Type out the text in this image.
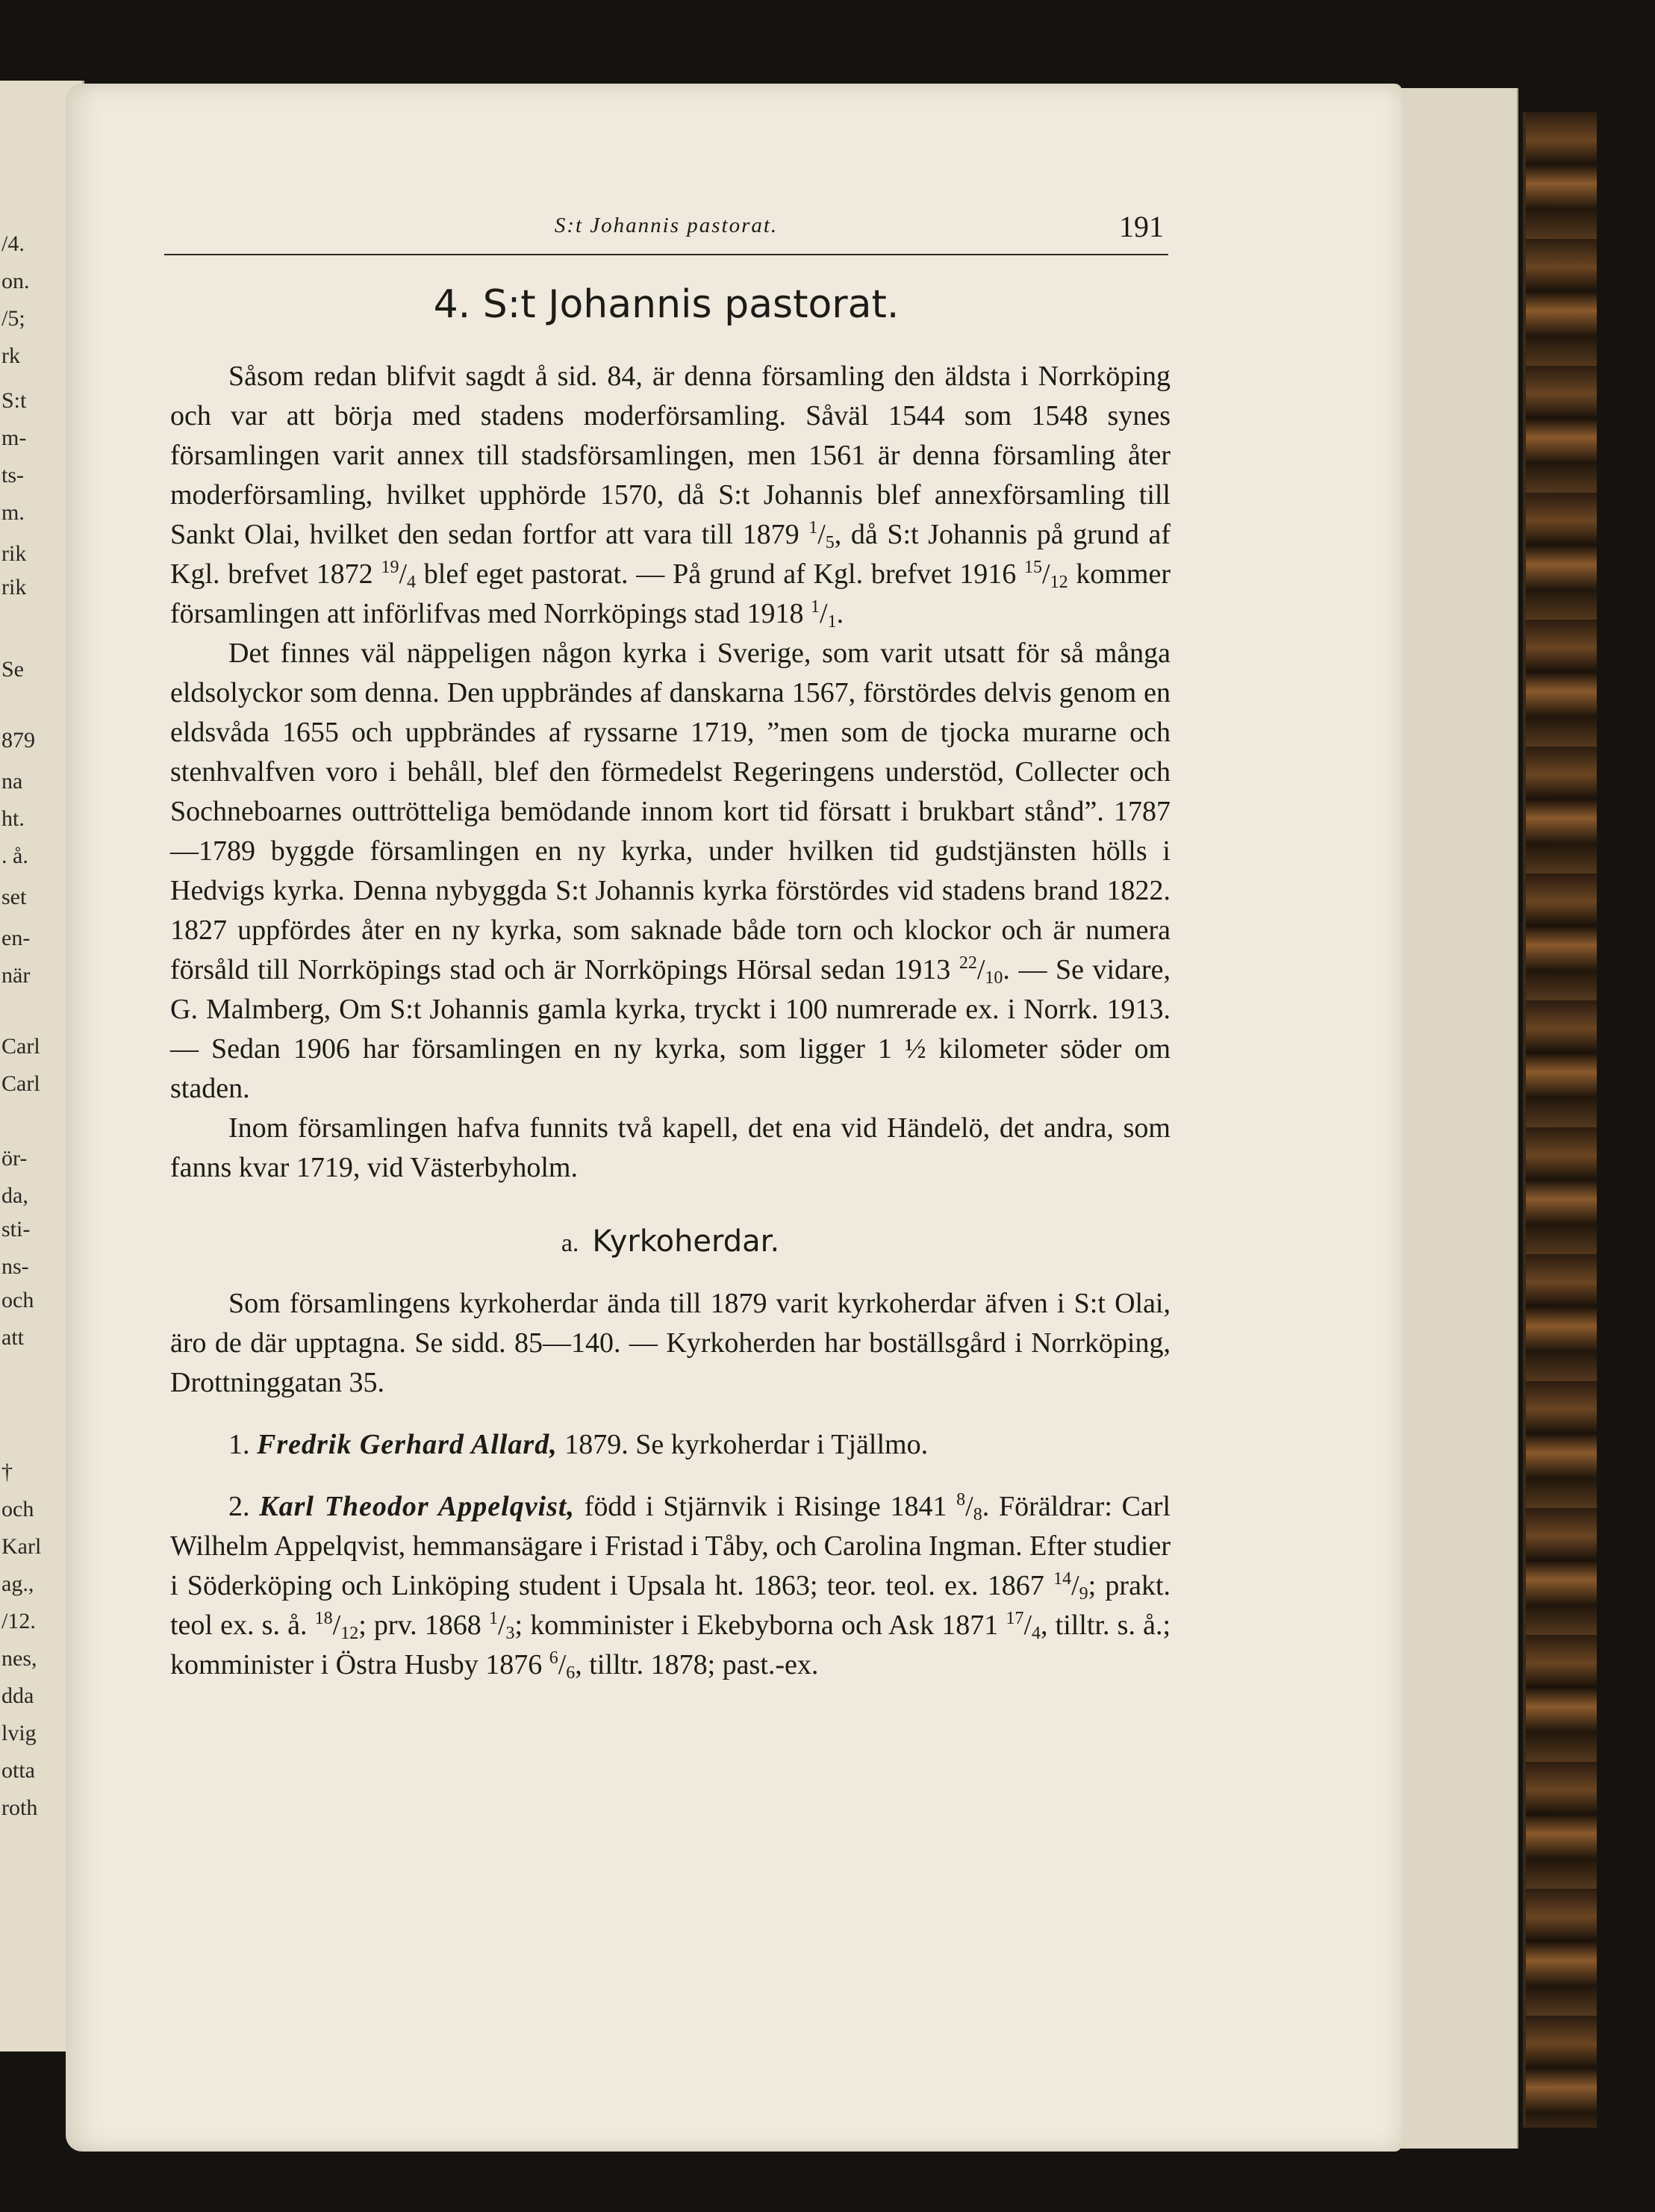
/4.
on.
/5;
rk
S:t
m-
ts-
m.
rik
rik
Se
879
na
ht.
. å.
set
en-
när
Carl
Carl
ör-
da,
sti-
ns-
och
att
†
och
Karl
ag.,
/12.
nes,
dda
lvig
otta
roth
S:t Johannis pastorat.	191
4. S:t Johannis pastorat.

Såsom redan blifvit sagdt å sid. 84, är denna församling den äldsta i Norrköping och var att börja med stadens moderförsamling. Såväl 1544 som 1548 synes församlingen varit annex till stadsförsamlingen, men 1561 är denna församling åter moderförsamling, hvilket upphörde 1570, då S:t Johannis blef annexförsamling till Sankt Olai, hvilket den sedan fortfor att vara till 1879 $^1/_5$, då S:t Johannis på grund af Kgl. brefvet 1872 $^{19}/_4$ blef eget pastorat. — På grund af Kgl. brefvet 1916 $^{15}/_{12}$ kommer församlingen att införlifvas med Norrköpings stad 1918 $^1/_1$.

Det finnes väl näppeligen någon kyrka i Sverige, som varit utsatt för så många eldsolyckor som denna. Den uppbrändes af danskarna 1567, förstördes delvis genom en eldsvåda 1655 och uppbrändes af ryssarne 1719, ”men som de tjocka murarne och stenhvalfven voro i behåll, blef den förmedelst Regeringens understöd, Collecter och Sochneboarnes outtrötteliga bemödande innom kort tid försatt i brukbart stånd”. 1787—1789 byggde församlingen en ny kyrka, under hvilken tid gudstjänsten hölls i Hedvigs kyrka. Denna nybyggda S:t Johannis kyrka förstördes vid stadens brand 1822. 1827 uppfördes åter en ny kyrka, som saknade både torn och klockor och är numera försåld till Norrköpings stad och är Norrköpings Hörsal sedan 1913 $^{22}/_{10}$. — Se vidare, G. Malmberg, Om S:t Johannis gamla kyrka, tryckt i 100 numrerade ex. i Norrk. 1913. — Sedan 1906 har församlingen en ny kyrka, som ligger 1 ½ kilometer söder om staden.

Inom församlingen hafva funnits två kapell, det ena vid Händelö, det andra, som fanns kvar 1719, vid Västerbyholm.

a. Kyrkoherdar.

Som församlingens kyrkoherdar ända till 1879 varit kyrkoherdar äfven i S:t Olai, äro de där upptagna. Se sidd. 85—140. — Kyrkoherden har boställsgård i Norrköping, Drottninggatan 35.

1. Fredrik Gerhard Allard, 1879. Se kyrkoherdar i Tjällmo.

2. Karl Theodor Appelqvist, född i Stjärnvik i Risinge 1841 $^8/_8$. Föräldrar: Carl Wilhelm Appelqvist, hemmansägare i Fristad i Tåby, och Carolina Ingman. Efter studier i Söderköping och Linköping student i Upsala ht. 1863; teor. teol. ex. 1867 $^{14}/_9$; prakt. teol ex. s. å. $^{18}/_{12}$; prv. 1868 $^1/_3$; komminister i Ekebyborna och Ask 1871 $^{17}/_4$, tilltr. s. å.; komminister i Östra Husby 1876 $^6/_6$, tilltr. 1878; past.-ex.
